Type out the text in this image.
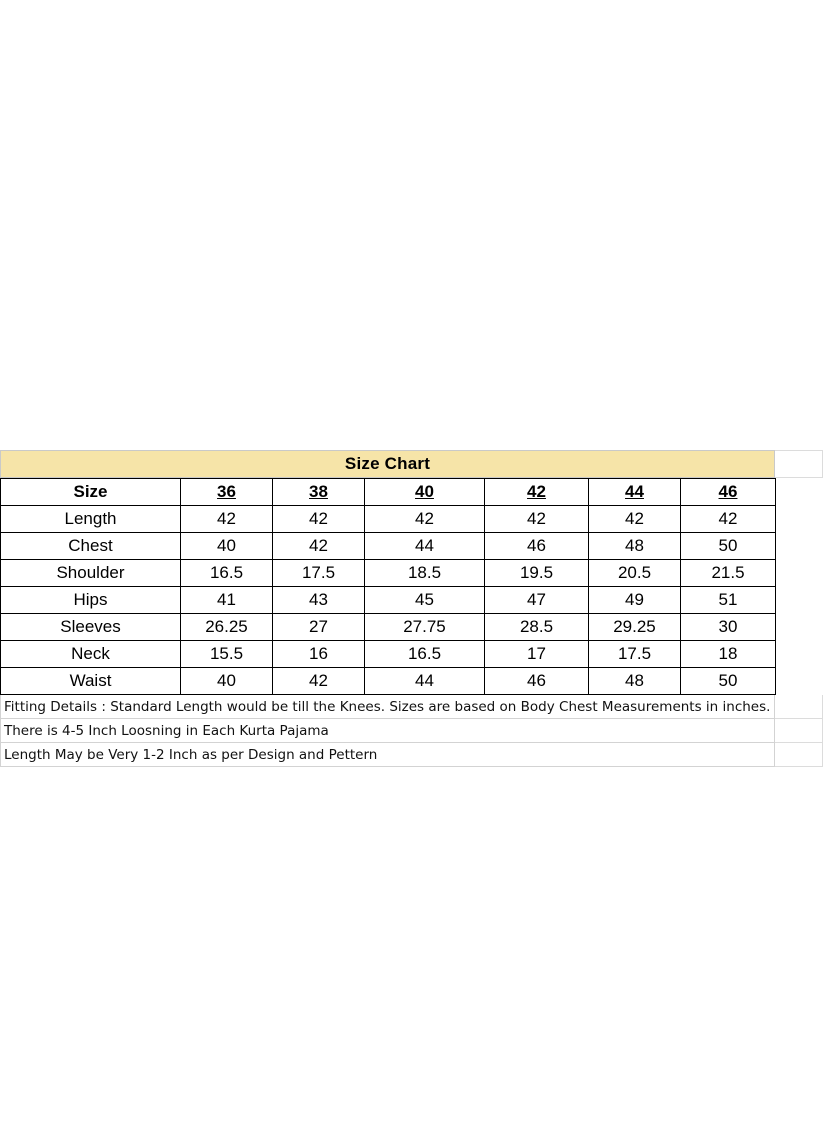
Size Chart
Size	36	38	40	42	44	46
Length	42	42	42	42	42	42
Chest	40	42	44	46	48	50
Shoulder	16.5	17.5	18.5	19.5	20.5	21.5
Hips	41	43	45	47	49	51
Sleeves	26.25	27	27.75	28.5	29.25	30
Neck	15.5	16	16.5	17	17.5	18
Waist	40	42	44	46	48	50
Fitting Details : Standard Length would be till the Knees. Sizes are based on Body Chest Measurements in inches.
There is 4-5 Inch Loosning in Each Kurta Pajama
Length May be Very 1-2 Inch as per Design and Pettern
